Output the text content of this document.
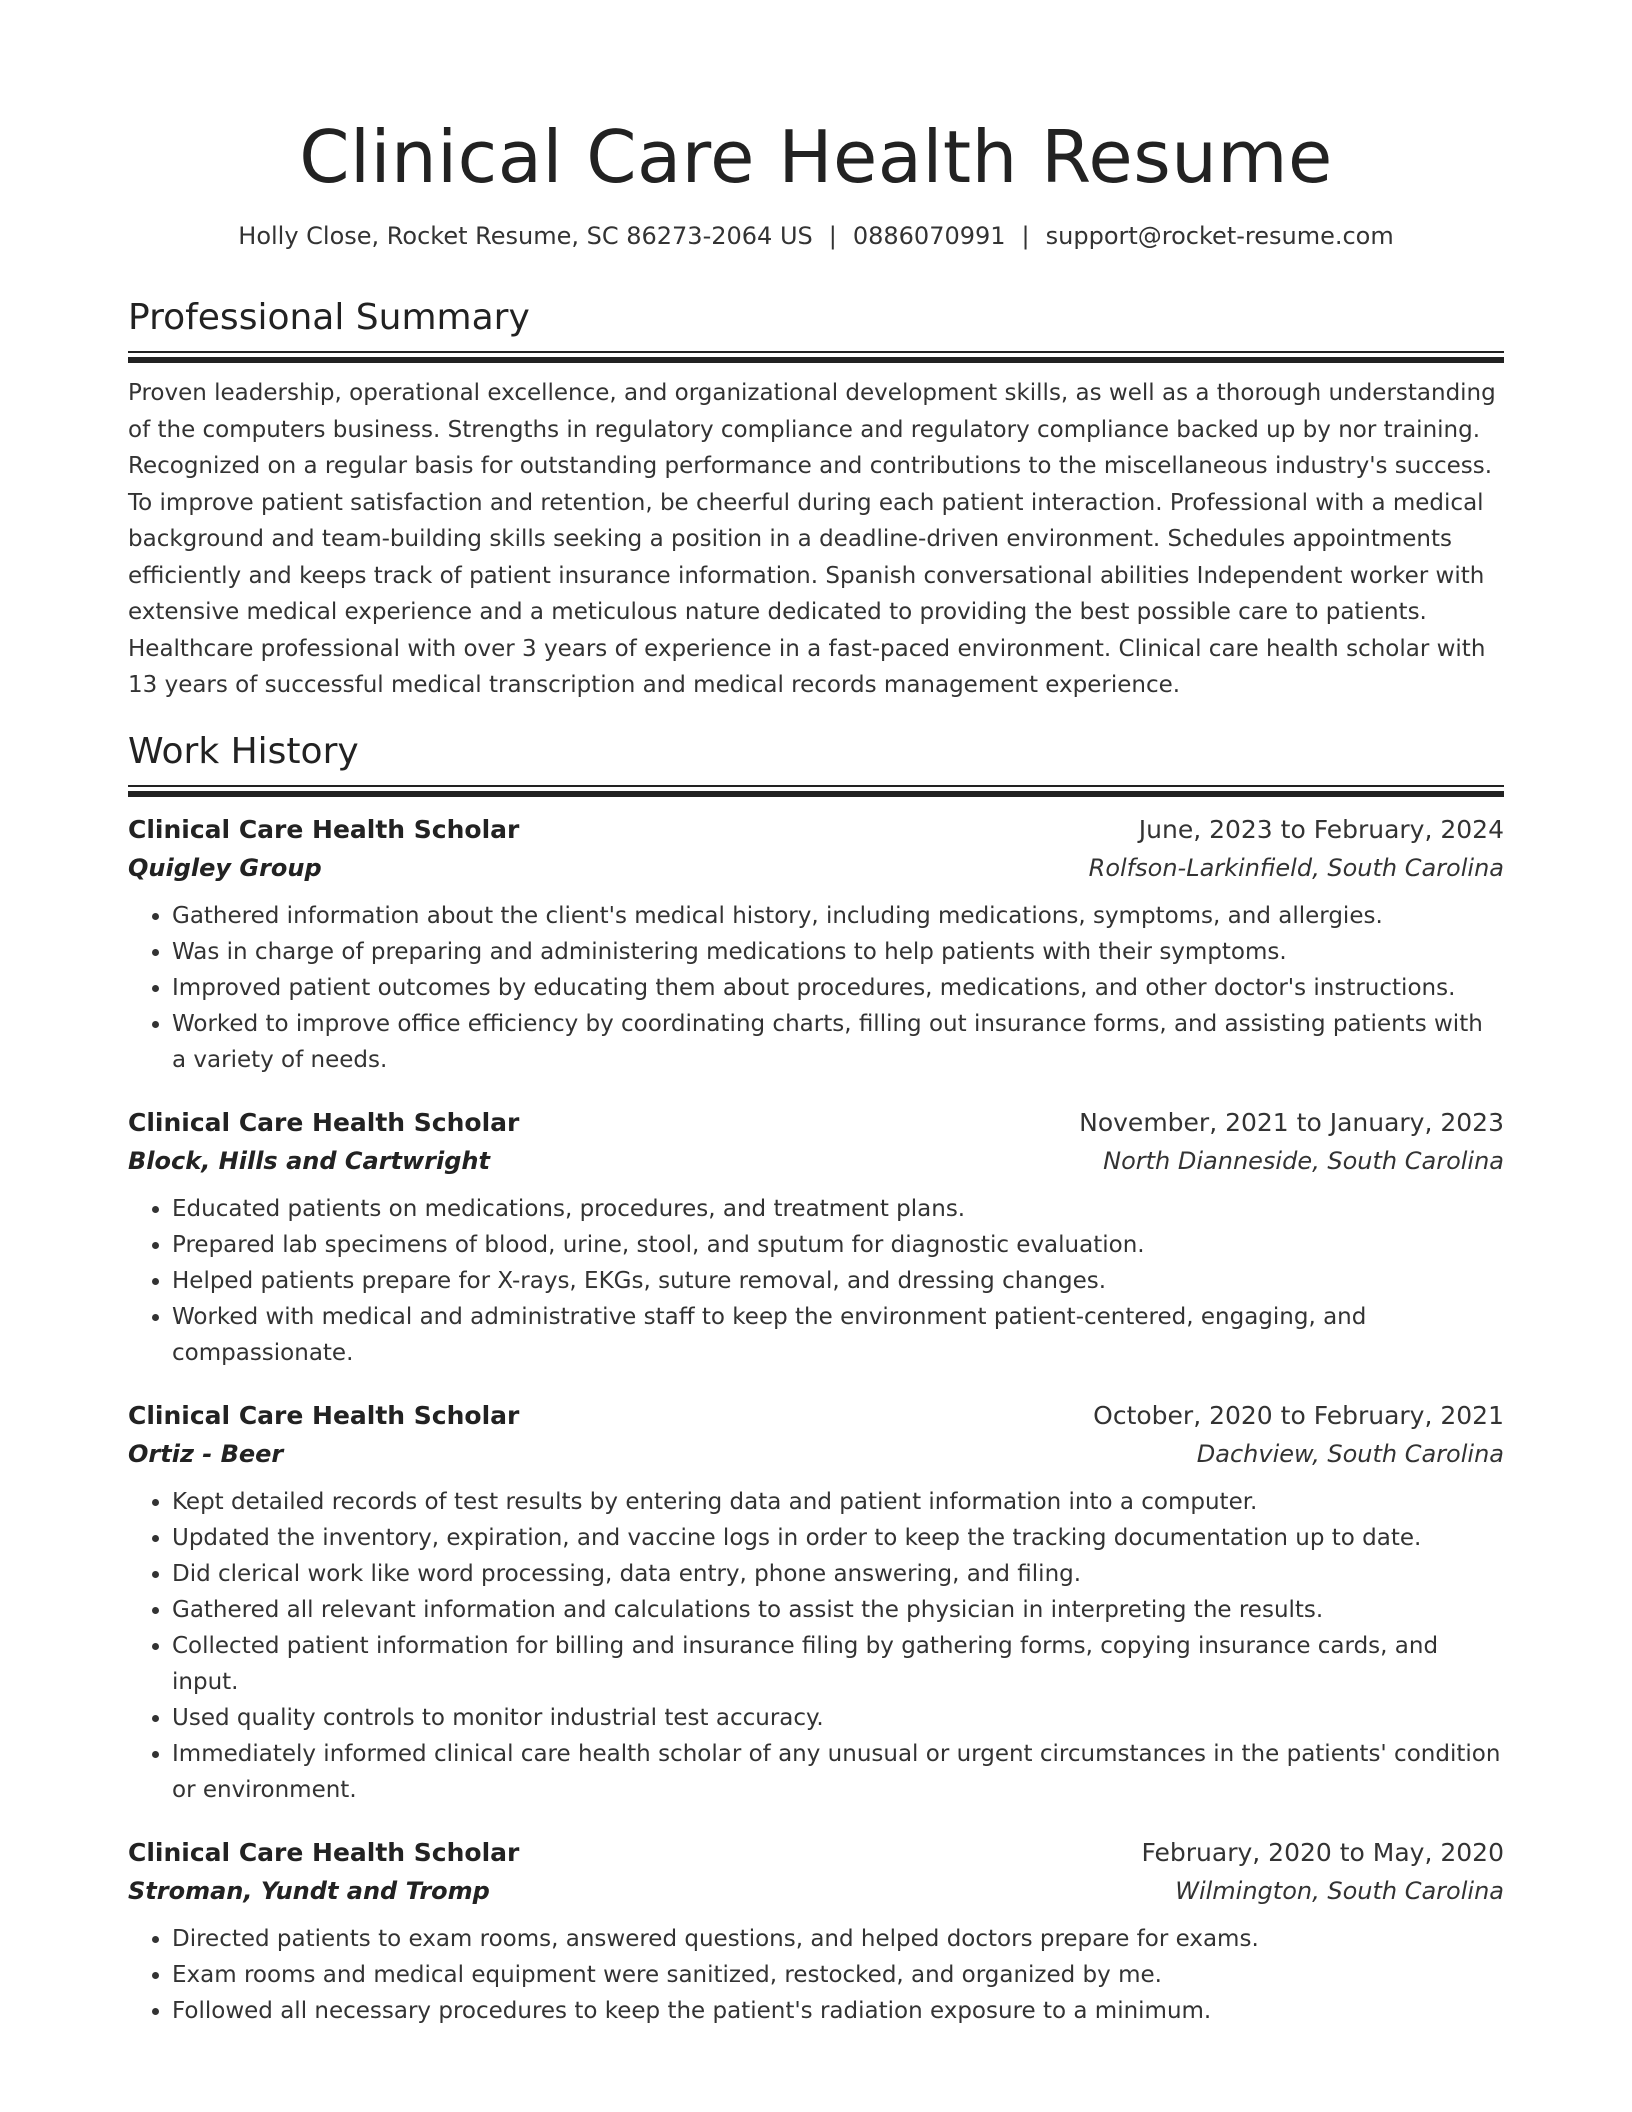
Clinical Care Health Resume
Holly Close, Rocket Resume, SC 86273-2064 US | 0886070991 | support@rocket-resume.com
Professional Summary

Proven leadership, operational excellence, and organizational development skills, as well as a thorough understanding of the computers business. Strengths in regulatory compliance and regulatory compliance backed up by nor training. Recognized on a regular basis for outstanding performance and contributions to the miscellaneous industry's success. To improve patient satisfaction and retention, be cheerful during each patient interaction. Professional with a medical background and team-building skills seeking a position in a deadline-driven environment. Schedules appointments efficiently and keeps track of patient insurance information. Spanish conversational abilities Independent worker with extensive medical experience and a meticulous nature dedicated to providing the best possible care to patients. Healthcare professional with over 3 years of experience in a fast-paced environment. Clinical care health scholar with 13 years of successful medical transcription and medical records management experience.

Work History
Clinical Care Health Scholar	June, 2023 to February, 2024
Quigley Group	Rolfson-Larkinfield, South Carolina
• Gathered information about the client's medical history, including medications, symptoms, and allergies.
• Was in charge of preparing and administering medications to help patients with their symptoms.
• Improved patient outcomes by educating them about procedures, medications, and other doctor's instructions.
• Worked to improve office efficiency by coordinating charts, filling out insurance forms, and assisting patients with a variety of needs.
Clinical Care Health Scholar	November, 2021 to January, 2023
Block, Hills and Cartwright	North Dianneside, South Carolina
• Educated patients on medications, procedures, and treatment plans.
• Prepared lab specimens of blood, urine, stool, and sputum for diagnostic evaluation.
• Helped patients prepare for X-rays, EKGs, suture removal, and dressing changes.
• Worked with medical and administrative staff to keep the environment patient-centered, engaging, and compassionate.
Clinical Care Health Scholar	October, 2020 to February, 2021
Ortiz - Beer	Dachview, South Carolina
• Kept detailed records of test results by entering data and patient information into a computer.
• Updated the inventory, expiration, and vaccine logs in order to keep the tracking documentation up to date.
• Did clerical work like word processing, data entry, phone answering, and filing.
• Gathered all relevant information and calculations to assist the physician in interpreting the results.
• Collected patient information for billing and insurance filing by gathering forms, copying insurance cards, and input.
• Used quality controls to monitor industrial test accuracy.
• Immediately informed clinical care health scholar of any unusual or urgent circumstances in the patients' condition or environment.
Clinical Care Health Scholar	February, 2020 to May, 2020
Stroman, Yundt and Tromp	Wilmington, South Carolina
• Directed patients to exam rooms, answered questions, and helped doctors prepare for exams.
• Exam rooms and medical equipment were sanitized, restocked, and organized by me.
• Followed all necessary procedures to keep the patient's radiation exposure to a minimum.
